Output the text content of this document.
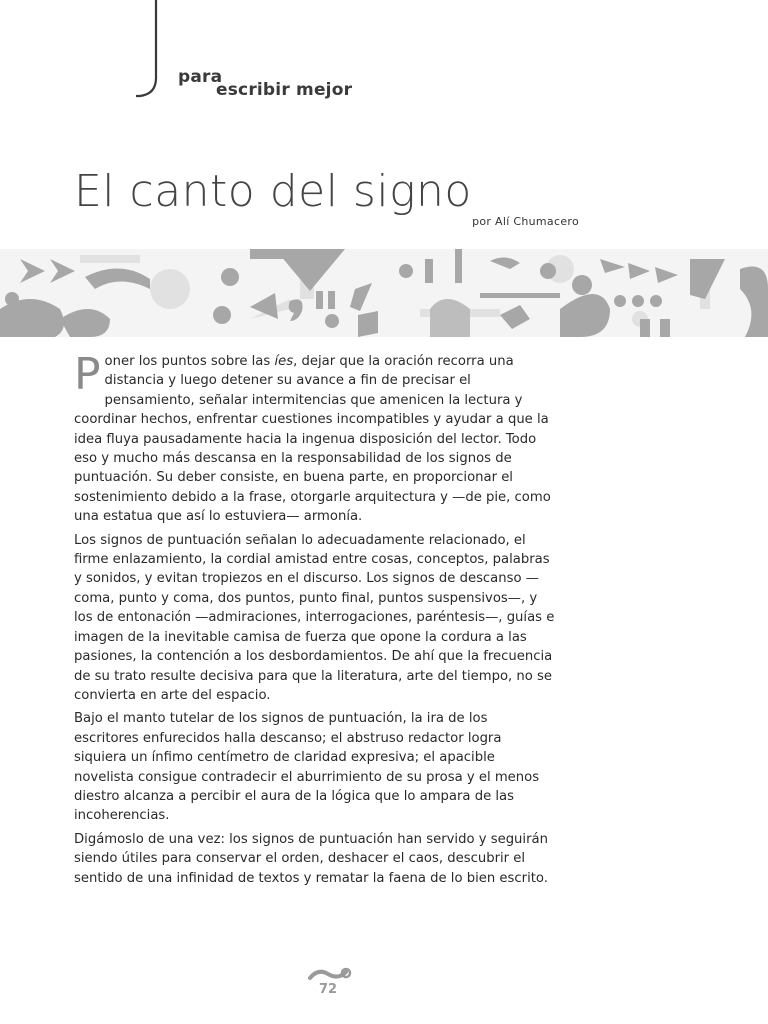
para
escribir mejor
El canto del signo
por Alí Chumacero

Poner los puntos sobre las íes, dejar que la oración recorra una distancia y luego detener su avance a fin de precisar el pensamiento, señalar intermitencias que amenicen la lectura y coordinar hechos, enfrentar cuestiones incompatibles y ayudar a que la idea fluya pausadamente hacia la ingenua disposición del lector. Todo eso y mucho más descansa en la responsabilidad de los signos de puntuación. Su deber consiste, en buena parte, en proporcionar el sostenimiento debido a la frase, otorgarle arquitectura y —de pie, como una estatua que así lo estuviera— armonía.

Los signos de puntuación señalan lo adecuadamente relacionado, el firme enlazamiento, la cordial amistad entre cosas, conceptos, palabras y sonidos, y evitan tropiezos en el discurso. Los signos de descanso —coma, punto y coma, dos puntos, punto final, puntos suspensivos—, y los de entonación —admiraciones, interrogaciones, paréntesis—, guías e imagen de la inevitable camisa de fuerza que opone la cordura a las pasiones, la contención a los desbordamientos. De ahí que la frecuencia de su trato resulte decisiva para que la literatura, arte del tiempo, no se convierta en arte del espacio.

Bajo el manto tutelar de los signos de puntuación, la ira de los escritores enfurecidos halla descanso; el abstruso redactor logra siquiera un ínfimo centímetro de claridad expresiva; el apacible novelista consigue contradecir el aburrimiento de su prosa y el menos diestro alcanza a percibir el aura de la lógica que lo ampara de las incoherencias.

Digámoslo de una vez: los signos de puntuación han servido y seguirán siendo útiles para conservar el orden, deshacer el caos, descubrir el sentido de una infinidad de textos y rematar la faena de lo bien escrito.

72
